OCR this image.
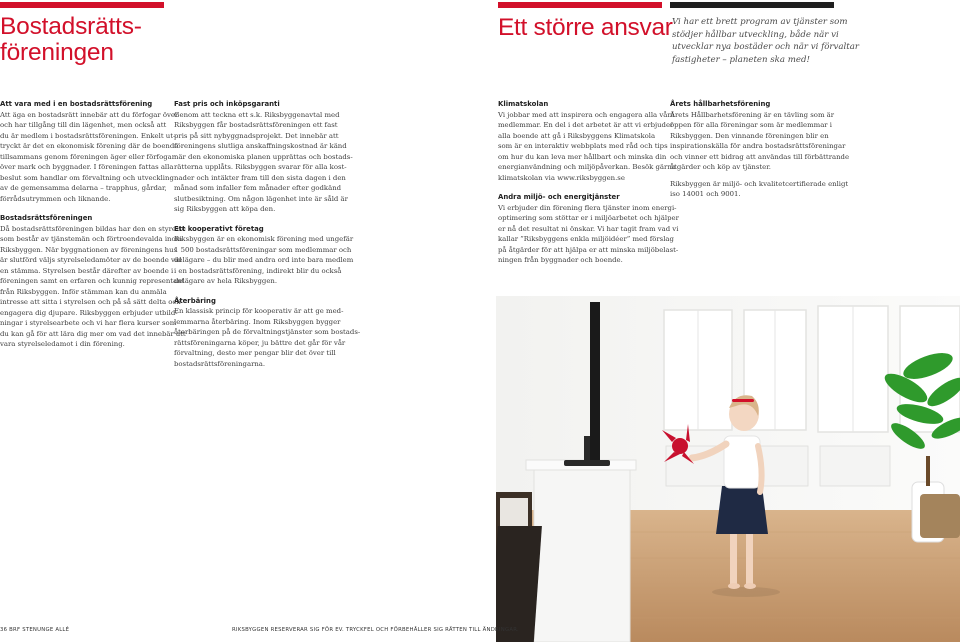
Bostadsrätts-
föreningen
Ett större ansvar Vi har ett brett program av tjänster som
stödjer hållbar utveckling, både när vi
utvecklar nya bostäder och när vi förvaltar
fastigheter – planeten ska med!
Att vara med i en bostadsrättsförening

Att äga en bostadsrätt innebär att du förfogar över
och har tillgång till din lägenhet, men också att
du är medlem i bostadsrättsföreningen. Enkelt ut-
tryckt är det en ekonomisk förening där de boende
tillsammans genom föreningen äger eller förfogar
över mark och byggnader. I föreningen fattas alla
beslut som handlar om förvaltning och utveckling
av de gemensamma delarna – trapphus, gårdar,
förrådsutrymmen och liknande.

Bostadsrättsföreningen

Då bostadsrättsföreningen bildas har den en styrelse
som består av tjänstemän och förtroendevalda inom
Riksbyggen. När byggnationen av föreningens hus
är slutförd väljs styrelseledamöter av de boende vid
en stämma. Styrelsen består därefter av boende i
föreningen samt en erfaren och kunnig representant
från Riksbyggen. Inför stämman kan du anmäla
intresse att sitta i styrelsen och på så sätt delta och
engagera dig djupare. Riksbyggen erbjuder utbild-
ningar i styrelsearbete och vi har flera kurser som
du kan gå för att lära dig mer om vad det innebär att
vara styrelseledamot i din förening.

Fast pris och inköpsgaranti

Genom att teckna ett s.k. Riksbyggenavtal med
Riksbyggen får bostadsrättsföreningen ett fast
pris på sitt nybyggnadsprojekt. Det innebär att
föreningens slutliga anskaffningskostnad är känd
när den ekonomiska planen upprättas och bostads-
rätterna upplåts. Riksbyggen svarar för alla kost-
nader och intäkter fram till den sista dagen i den
månad som infaller fem månader efter godkänd
slutbesiktning. Om någon lägenhet inte är såld är
sig Riksbyggen att köpa den.

Ett kooperativt företag

Riksbyggen är en ekonomisk förening med ungefär
1 500 bostadsrättsföreningar som medlemmar och
delägare – du blir med andra ord inte bara medlem
i en bostadsrättsförening, indirekt blir du också
delägare av hela Riksbyggen.

Återbäring

En klassisk princip för kooperativ är att ge med-
lemmarna återbäring. Inom Riksbyggen bygger
återbäringen på de förvaltningstjänster som bostads-
rättsföreningarna köper, ju bättre det går för vår
förvaltning, desto mer pengar blir det över till
bostadsrättsföreningarna.

Klimatskolan

Vi jobbar med att inspirera och engagera alla våra
medlemmar. En del i det arbetet är att vi erbjuder
alla boende att gå i Riksbyggens Klimatskola
som är en interaktiv webbplats med råd och tips
om hur du kan leva mer hållbart och minska din
energianvändning och miljöpåverkan. Besök gärna
klimatskolan via www.riksbyggen.se

Andra miljö- och energitjänster

Vi erbjuder din förening flera tjänster inom energi-
optimering som stöttar er i miljöarbetet och hjälper
er nå det resultat ni önskar. Vi har tagit fram vad vi
kallar ”Riksbyggens enkla miljöidéer” med förslag
på åtgärder för att hjälpa er att minska miljöbelast-
ningen från byggnader och boende.

Årets hållbarhetsförening

Årets Hållbarhetsförening är en tävling som är
öppen för alla föreningar som är medlemmar i
Riksbyggen. Den vinnande föreningen blir en
inspirationskälla för andra bostadsrättsföreningar
och vinner ett bidrag att användas till förbättrande
åtgärder och köp av tjänster.

Riksbyggen är miljö- och kvalitetcertifierade enligt
iso 14001 och 9001.

36 BRF STENUNGE ALLÉ	RIKSBYGGEN RESERVERAR SIG FÖR EV. TRYCKFEL OCH FÖRBEHÅLLER SIG RÄTTEN TILL ÄNDRINGAR.
